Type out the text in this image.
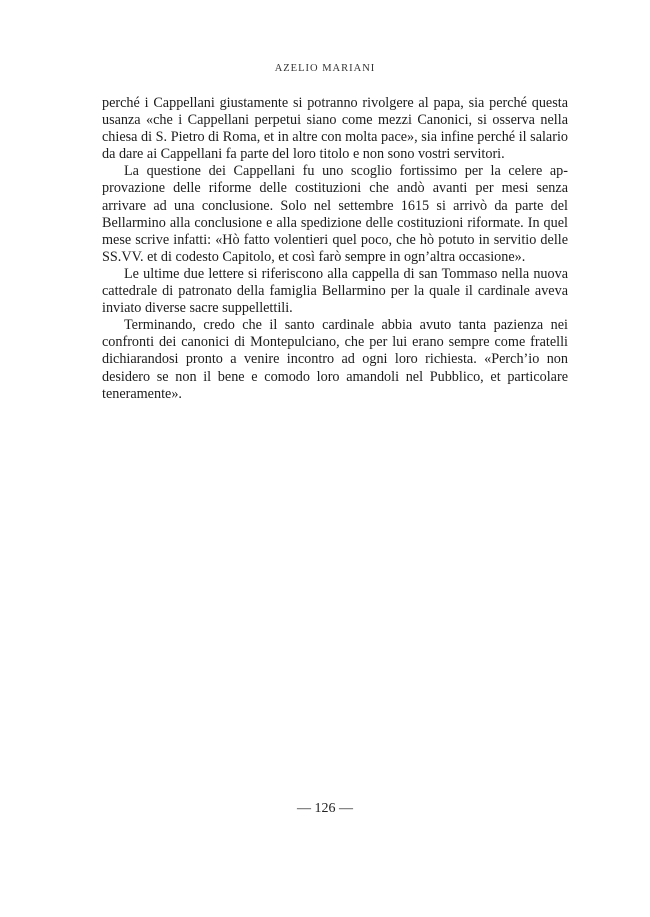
AZELIO MARIANI

perché i Cappellani giustamente si potranno rivolgere al papa, sia perché questa usanza «che i Cappellani perpetui siano come mezzi Canonici, si osserva nella chiesa di S. Pietro di Roma, et in altre con molta pace», sia infine perché il salario da dare ai Cappellani fa parte del loro titolo e non sono vostri servitori.

La questione dei Cappellani fu uno scoglio fortissimo per la celere approvazione delle riforme delle costituzioni che andò avanti per mesi senza arrivare ad una conclusione. Solo nel settembre 1615 si arrivò da parte del Bellarmino alla conclusione e alla spedizione delle costituzioni riformate. In quel mese scrive infatti: «Hò fatto volentieri quel poco, che hò potuto in servitio delle SS.VV. et di codesto Capitolo, et così farò sempre in ogn’altra occasione».

Le ultime due lettere si riferiscono alla cappella di san Tommaso nella nuova cattedrale di patronato della famiglia Bellarmino per la quale il cardinale aveva inviato diverse sacre suppellettili.

Terminando, credo che il santo cardinale abbia avuto tanta pazienza nei confronti dei canonici di Montepulciano, che per lui erano sempre come fratelli dichiarandosi pronto a venire incontro ad ogni loro richiesta. «Perch’io non desidero se non il bene e comodo loro amandoli nel Pubblico, et particolare teneramente».

— 126 —
